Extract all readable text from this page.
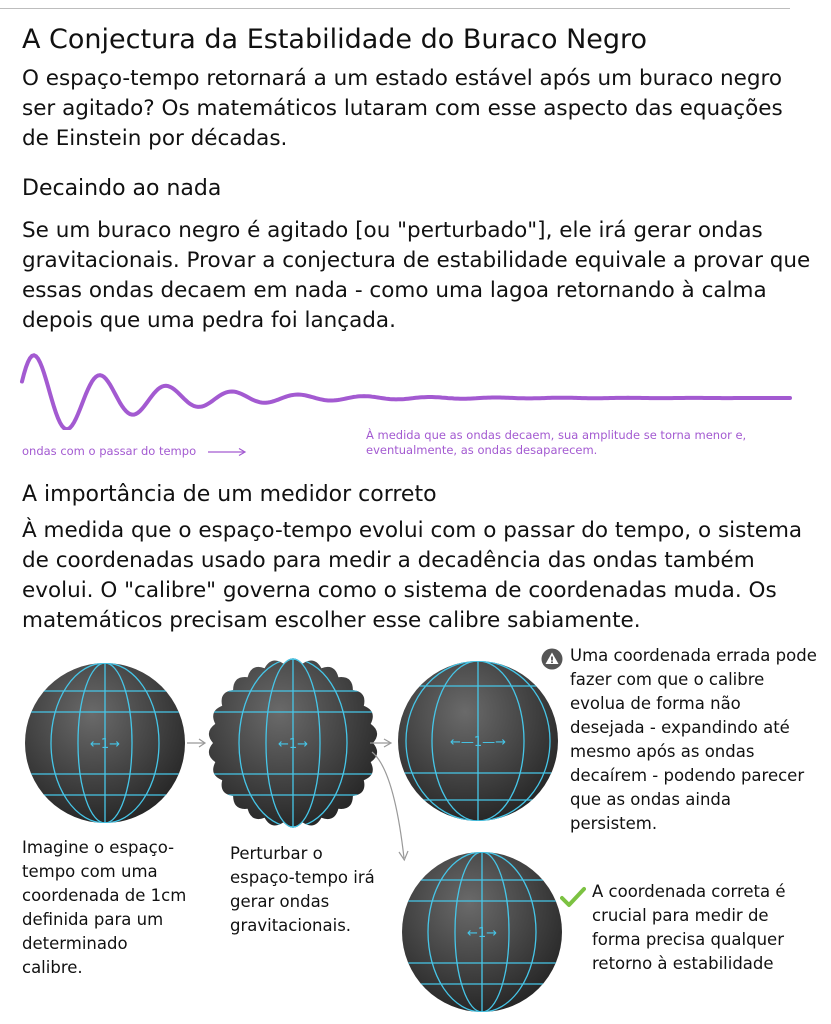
A Conjectura da Estabilidade do Buraco Negro
O espaço-tempo retornará a um estado estável após um buraco negro ser agitado? Os matemáticos lutaram com esse aspecto das equações de Einstein por décadas.
Decaindo ao nada
Se um buraco negro é agitado [ou "perturbado"], ele irá gerar ondas gravitacionais. Provar a conjectura de estabilidade equivale a provar que essas ondas decaem em nada - como uma lagoa retornando à calma depois que uma pedra foi lançada.
ondas com o passar do tempo
À medida que as ondas decaem, sua amplitude se torna menor e, eventualmente, as ondas desaparecem.
A importância de um medidor correto
À medida que o espaço-tempo evolui com o passar do tempo, o sistema de coordenadas usado para medir a decadência das ondas também evolui. O "calibre" governa como o sistema de coordenadas muda. Os matemáticos precisam escolher esse calibre sabiamente.
←1→	←1→	←—1—→
←1→
Imagine o espaço-tempo com uma coordenada de 1cm definida para um determinado calibre.
Perturbar o espaço-tempo irá gerar ondas gravitacionais.
Uma coordenada errada pode fazer com que o calibre evolua de forma não desejada - expandindo até mesmo após as ondas decaírem - podendo parecer que as ondas ainda persistem.
A coordenada correta é crucial para medir de forma precisa qualquer retorno à estabilidade
